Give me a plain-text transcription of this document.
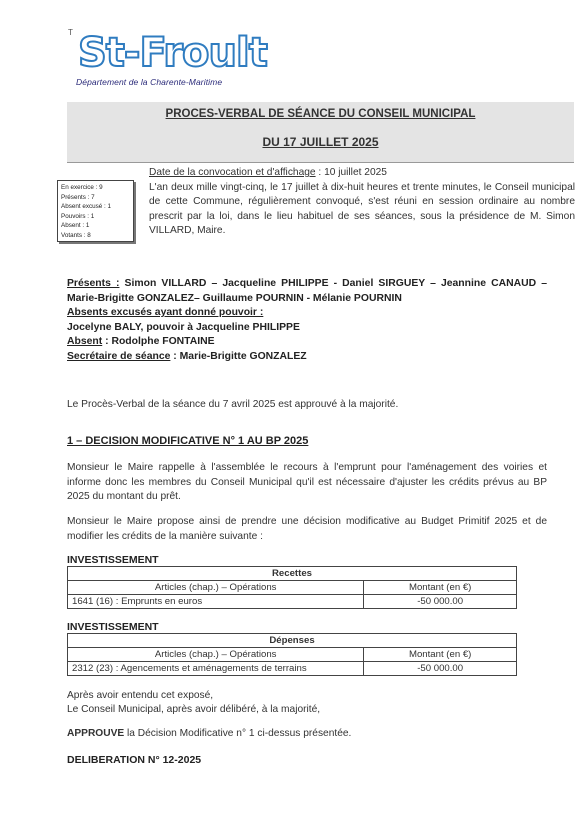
T St-Froult
Département de la Charente-Maritime
PROCES-VERBAL DE SÉANCE DU CONSEIL MUNICIPAL
DU 17 JUILLET 2025
En exercice : 9
Présents : 7
Absent excusé : 1
Pouvoirs : 1
Absent : 1
Votants : 8
Date de la convocation et d'affichage : 10 juillet 2025
L'an deux mille vingt-cinq, le 17 juillet à dix-huit heures et trente minutes, le Conseil municipal de cette Commune, régulièrement convoqué, s'est réuni en session ordinaire au nombre prescrit par la loi, dans le lieu habituel de ses séances, sous la présidence de M. Simon VILLARD, Maire.
Présents : Simon VILLARD – Jacqueline PHILIPPE - Daniel SIRGUEY – Jeannine CANAUD – Marie-Brigitte GONZALEZ– Guillaume POURNIN - Mélanie POURNIN
Absents excusés ayant donné pouvoir :
Jocelyne BALY, pouvoir à Jacqueline PHILIPPE
Absent : Rodolphe FONTAINE
Secrétaire de séance : Marie-Brigitte GONZALEZ
Le Procès-Verbal de la séance du 7 avril 2025 est approuvé à la majorité.
1 – DECISION MODIFICATIVE N° 1 AU BP 2025
Monsieur le Maire rappelle à l'assemblée le recours à l'emprunt pour l'aménagement des voiries et informe donc les membres du Conseil Municipal qu'il est nécessaire d'ajuster les crédits prévus au BP 2025 du montant du prêt.
Monsieur le Maire propose ainsi de prendre une décision modificative au Budget Primitif 2025 et de modifier les crédits de la manière suivante :
INVESTISSEMENT
Recettes	
Articles (chap.) – Opérations	Montant (en €)
1641 (16) : Emprunts en euros	-50 000.00
INVESTISSEMENT
Dépenses	
Articles (chap.) – Opérations	Montant (en €)
2312 (23) : Agencements et aménagements de terrains	-50 000.00
Après avoir entendu cet exposé,
Le Conseil Municipal, après avoir délibéré, à la majorité,
APPROUVE la Décision Modificative n° 1 ci-dessus présentée.
DELIBERATION N° 12-2025
